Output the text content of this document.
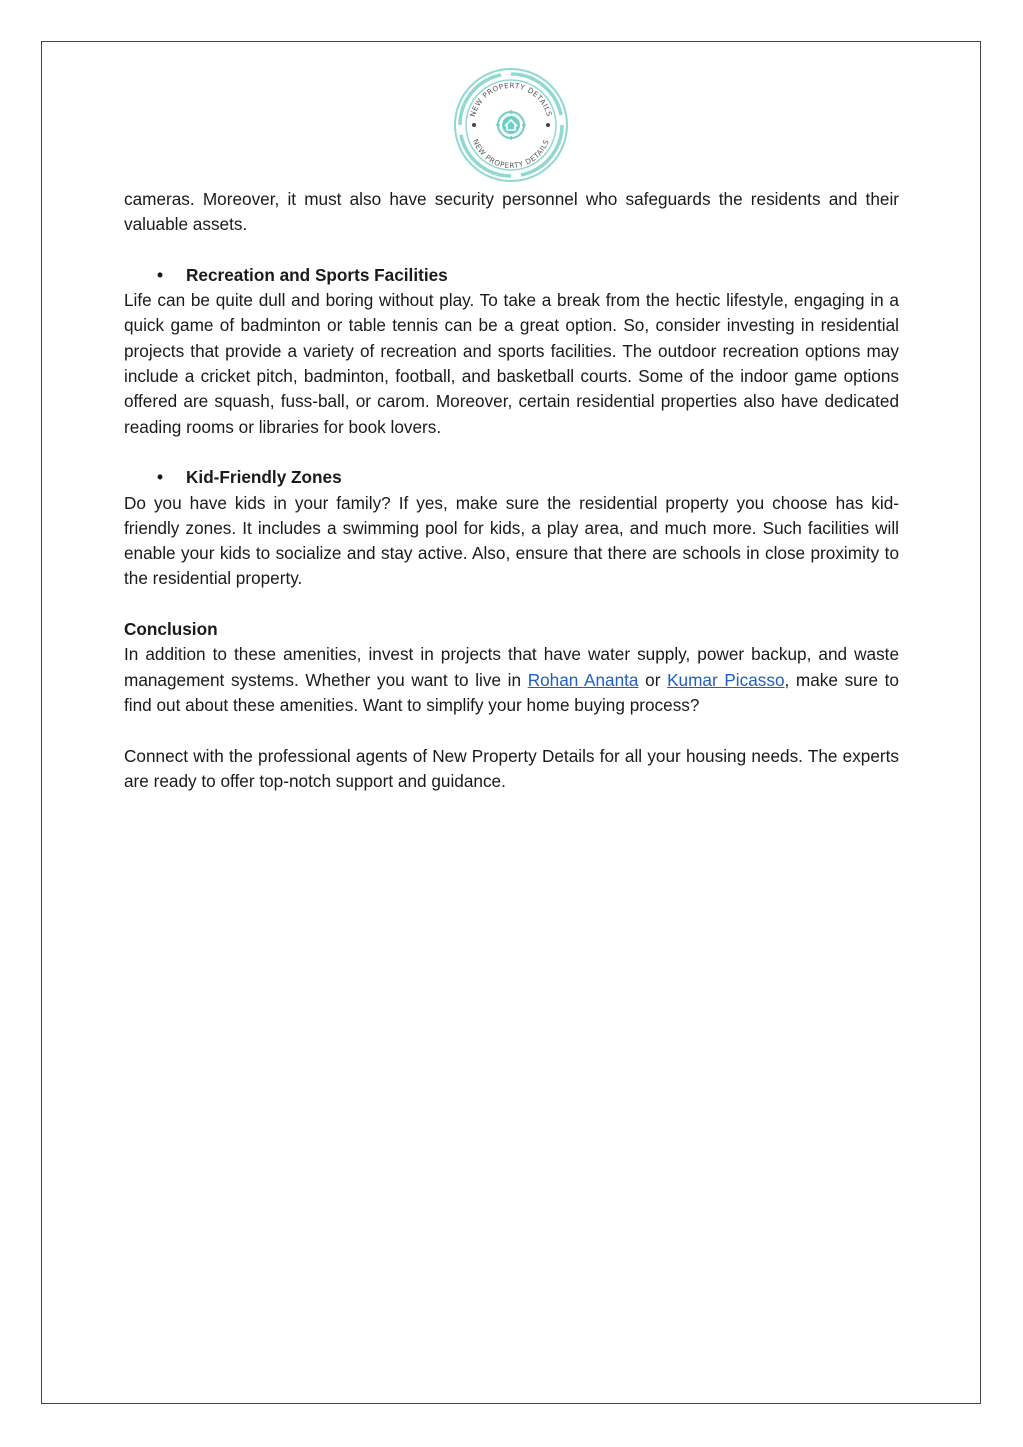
NEW PROPERTY DETAILS
NEW PROPERTY DETAILS

cameras. Moreover, it must also have security personnel who safeguards the residents and their valuable assets.

• Recreation and Sports Facilities

Life can be quite dull and boring without play. To take a break from the hectic lifestyle, engaging in a quick game of badminton or table tennis can be a great option. So, consider investing in residential projects that provide a variety of recreation and sports facilities. The outdoor recreation options may include a cricket pitch, badminton, football, and basketball courts. Some of the indoor game options offered are squash, fuss-ball, or carom. Moreover, certain residential properties also have dedicated reading rooms or libraries for book lovers.

• Kid-Friendly Zones

Do you have kids in your family? If yes, make sure the residential property you choose has kid-friendly zones. It includes a swimming pool for kids, a play area, and much more. Such facilities will enable your kids to socialize and stay active. Also, ensure that there are schools in close proximity to the residential property.

Conclusion

In addition to these amenities, invest in projects that have water supply, power backup, and waste management systems. Whether you want to live in Rohan Ananta or Kumar Picasso, make sure to find out about these amenities. Want to simplify your home buying process?

Connect with the professional agents of New Property Details for all your housing needs. The experts are ready to offer top-notch support and guidance.
